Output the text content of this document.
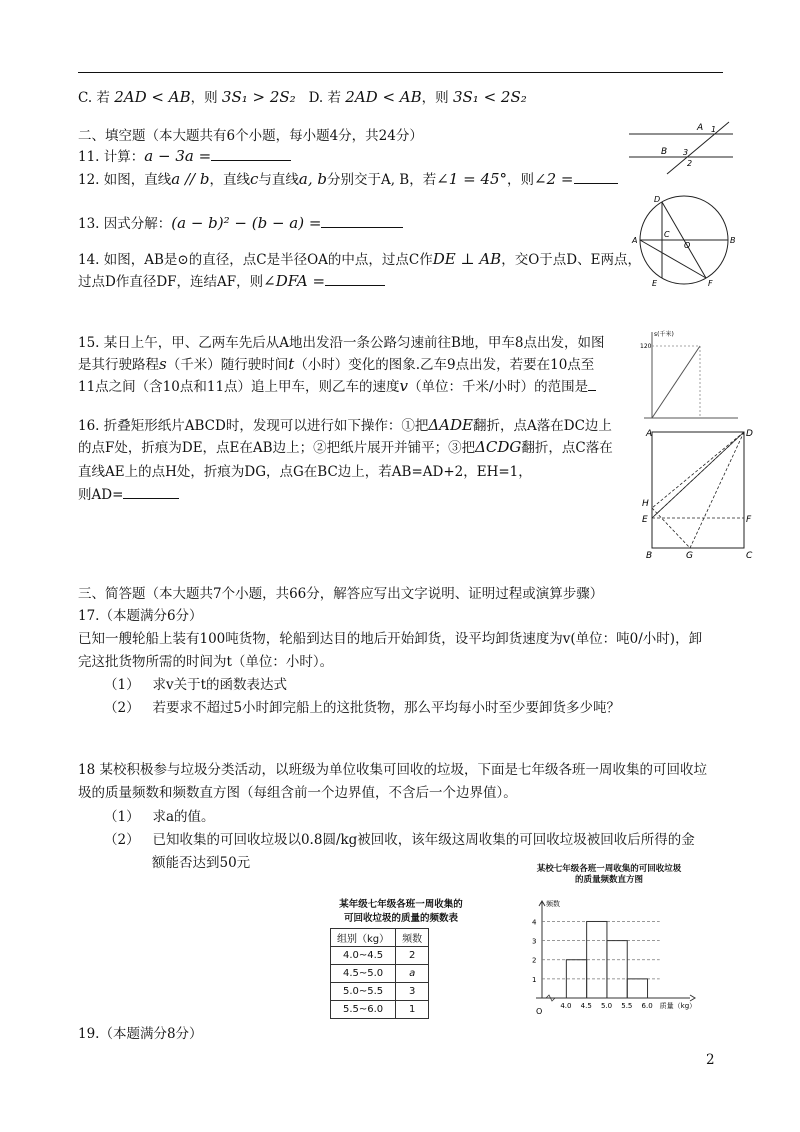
C. 若 2AD < AB，则 3S₁ > 2S₂ D. 若 2AD < AB，则 3S₁ < 2S₂
二、填空题（本大题共有6个小题，每小题4分，共24分）
11. 计算：a − 3a =
12. 如图，直线a // b，直线c与直线a, b分别交于A, B，若∠1 = 45°，则∠2 =
13. 因式分解：(a − b)² − (b − a) =
14. 如图，AB是⊙的直径，点C是半径OA的中点，过点C作DE ⊥ AB，交O于点D、E两点，
过点D作直径DF，连结AF，则∠DFA =
15. 某日上午，甲、乙两车先后从A地出发沿一条公路匀速前往B地，甲车8点出发，如图
是其行驶路程s（千米）随行驶时间t（小时）变化的图象.乙车9点出发，若要在10点至
11点之间（含10点和11点）追上甲车，则乙车的速度v（单位：千米/小时）的范围是
16. 折叠矩形纸片ABCD时，发现可以进行如下操作：①把ΔADE翻折，点A落在DC边上
的点F处，折痕为DE，点E在AB边上；②把纸片展开并铺平；③把ΔCDG翻折，点C落在
直线AE上的点H处，折痕为DG，点G在BC边上，若AB=AD+2，EH=1，
则AD=
三、简答题（本大题共7个小题，共66分，解答应写出文字说明、证明过程或演算步骤）
17.（本题满分6分）
已知一艘轮船上装有100吨货物，轮船到达目的地后开始卸货，设平均卸货速度为v(单位：吨0/小时)，卸
完这批货物所需的时间为t（单位：小时）。
（1） 求v关于t的函数表达式
（2） 若要求不超过5小时卸完船上的这批货物，那么平均每小时至少要卸货多少吨？
18 某校积极参与垃圾分类活动，以班级为单位收集可回收的垃圾，下面是七年级各班一周收集的可回收垃
圾的质量频数和频数直方图（每组含前一个边界值，不含后一个边界值）。
（1） 求a的值。
（2） 已知收集的可回收垃圾以0.8圆/kg被回收，该年级这周收集的可回收垃圾被回收后所得的金
额能否达到50元
19.（本题满分8分）
2
A 1
B 3
2
D
A
C
O
B
E	F
s(千米)
120
A	D
H
E	F
B	G	C
某年级七年级各班一周收集的
可回收垃圾的质量的频数表
组别（kg）	频数
4.0~4.5	2
4.5~5.0	a
5.0~5.5	3
5.5~6.0	1
某校七年级各班一周收集的可回收垃圾的质量频数直方图
1
2
3
4
4.0 4.5 5.0 5.5 6.0
频数
质量（kg）
O
